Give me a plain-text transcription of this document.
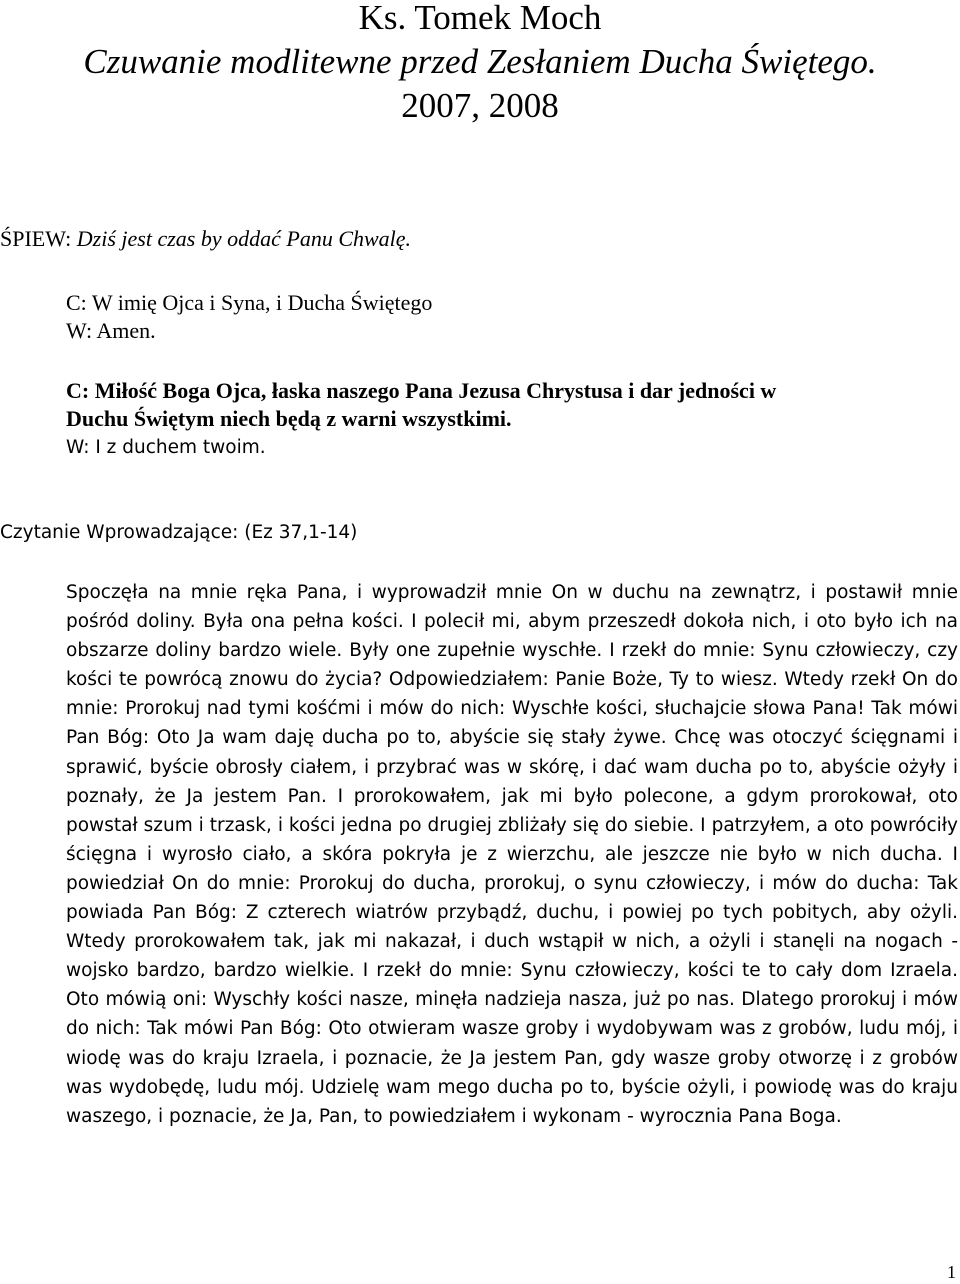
Ks. Tomek Moch
Czuwanie modlitewne przed Zesłaniem Ducha Świętego.
2007, 2008
ŚPIEW: Dziś jest czas by oddać Panu Chwalę.
C: W imię Ojca i Syna, i Ducha Świętego
W: Amen.
C: Miłość Boga Ojca, łaska naszego Pana Jezusa Chrystusa i dar jedności w
Duchu Świętym niech będą z warni wszystkimi.
W: I z duchem twoim.
Czytanie Wprowadzające: (Ez 37,1-14)
Spoczęła na mnie ręka Pana, i wyprowadził mnie On w duchu na zewnątrz, i postawił mnie pośród doliny. Była ona pełna kości. I polecił mi, abym przeszedł dokoła nich, i oto było ich na obszarze doliny bardzo wiele. Były one zupełnie wyschłe. I rzekł do mnie: Synu człowieczy, czy kości te powrócą znowu do życia? Odpowiedziałem: Panie Boże, Ty to wiesz. Wtedy rzekł On do mnie: Prorokuj nad tymi kośćmi i mów do nich: Wyschłe kości, słuchajcie słowa Pana! Tak mówi Pan Bóg: Oto Ja wam daję ducha po to, abyście się stały żywe. Chcę was otoczyć ścięgnami i sprawić, byście obrosły ciałem, i przybrać was w skórę, i dać wam ducha po to, abyście ożyły i poznały, że Ja jestem Pan. I prorokowałem, jak mi było polecone, a gdym prorokował, oto powstał szum i trzask, i kości jedna po drugiej zbliżały się do siebie. I patrzyłem, a oto powróciły ścięgna i wyrosło ciało, a skóra pokryła je z wierzchu, ale jeszcze nie było w nich ducha. I powiedział On do mnie: Prorokuj do ducha, prorokuj, o synu człowieczy, i mów do ducha: Tak powiada Pan Bóg: Z czterech wiatrów przybądź, duchu, i powiej po tych pobitych, aby ożyli. Wtedy prorokowałem tak, jak mi nakazał, i duch wstąpił w nich, a ożyli i stanęli na nogach - wojsko bardzo, bardzo wielkie. I rzekł do mnie: Synu człowieczy, kości te to cały dom Izraela. Oto mówią oni: Wyschły kości nasze, minęła nadzieja nasza, już po nas. Dlatego prorokuj i mów do nich: Tak mówi Pan Bóg: Oto otwieram wasze groby i wydobywam was z grobów, ludu mój, i wiodę was do kraju Izraela, i poznacie, że Ja jestem Pan, gdy wasze groby otworzę i z grobów was wydobędę, ludu mój. Udzielę wam mego ducha po to, byście ożyli, i powiodę was do kraju waszego, i poznacie, że Ja, Pan, to powiedziałem i wykonam - wyrocznia Pana Boga.
1
